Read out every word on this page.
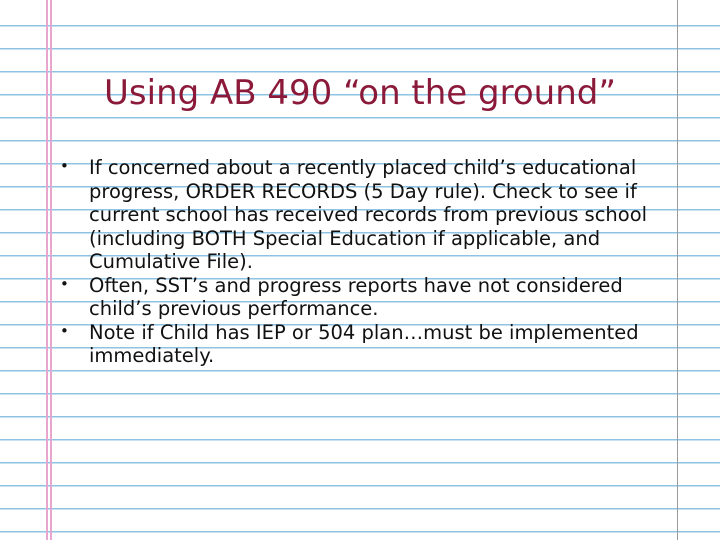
Using AB 490 “on the ground”
• If concerned about a recently placed child’s educational progress, ORDER RECORDS (5 Day rule). Check to see if current school has received records from previous school (including BOTH Special Education if applicable, and Cumulative File).
• Often, SST’s and progress reports have not considered child’s previous performance.
• Note if Child has IEP or 504 plan…must be implemented immediately.
